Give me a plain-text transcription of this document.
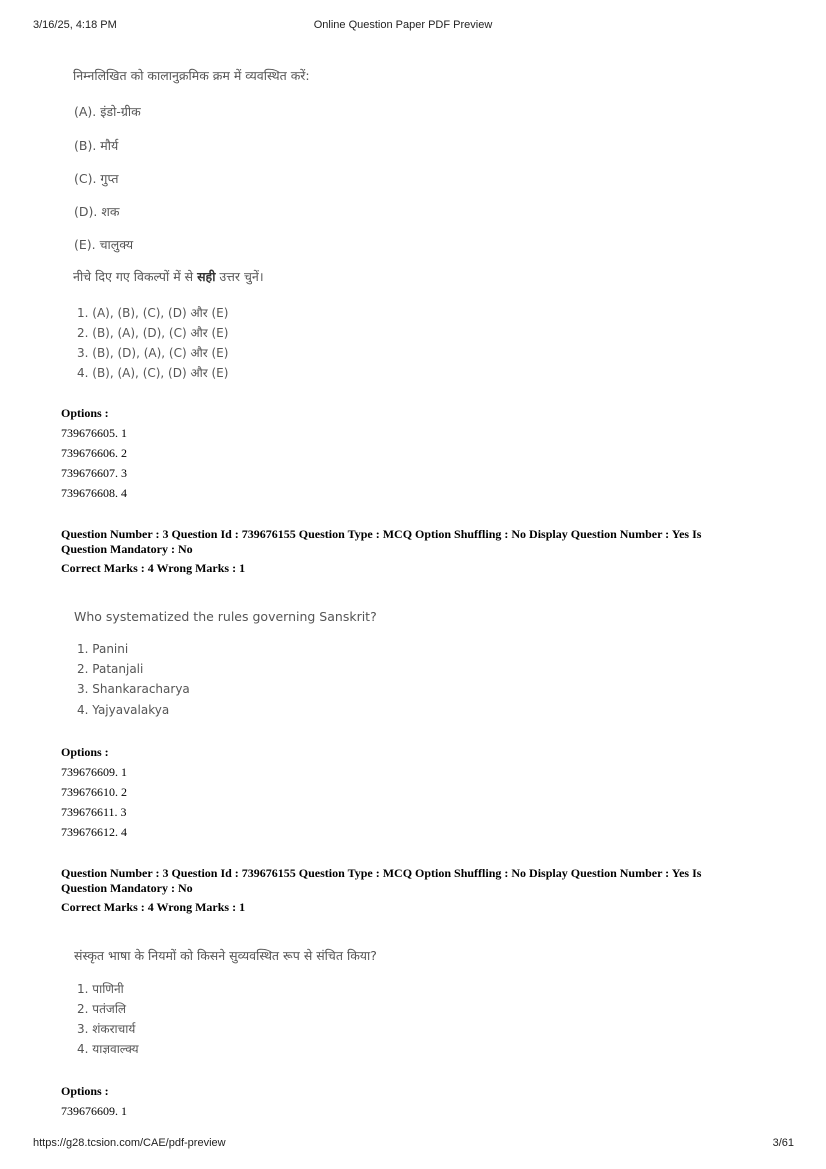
3/16/25, 4:18 PM	Online Question Paper PDF Preview
निम्नलिखित को कालानुक्रमिक क्रम में व्यवस्थित करें:
(A). इंडो-ग्रीक
(B). मौर्य
(C). गुप्त
(D). शक
(E). चालुक्य
नीचे दिए गए विकल्पों में से सही उत्तर चुनें।
1. (A), (B), (C), (D) और (E)
2. (B), (A), (D), (C) और (E)
3. (B), (D), (A), (C) और (E)
4. (B), (A), (C), (D) और (E)
Options :
739676605. 1
739676606. 2
739676607. 3
739676608. 4
Question Number : 3 Question Id : 739676155 Question Type : MCQ Option Shuffling : No Display Question Number : Yes Is
Question Mandatory : No
Correct Marks : 4 Wrong Marks : 1
Who systematized the rules governing Sanskrit?
1. Panini
2. Patanjali
3. Shankaracharya
4. Yajyavalakya
Options :
739676609. 1
739676610. 2
739676611. 3
739676612. 4
Question Number : 3 Question Id : 739676155 Question Type : MCQ Option Shuffling : No Display Question Number : Yes Is
Question Mandatory : No
Correct Marks : 4 Wrong Marks : 1
संस्कृत भाषा के नियमों को किसने सुव्यवस्थित रूप से संचित किया?
1. पाणिनी
2. पतंजलि
3. शंकराचार्य
4. याज्ञवाल्क्य
Options :
739676609. 1
https://g28.tcsion.com/CAE/pdf-preview	3/61
